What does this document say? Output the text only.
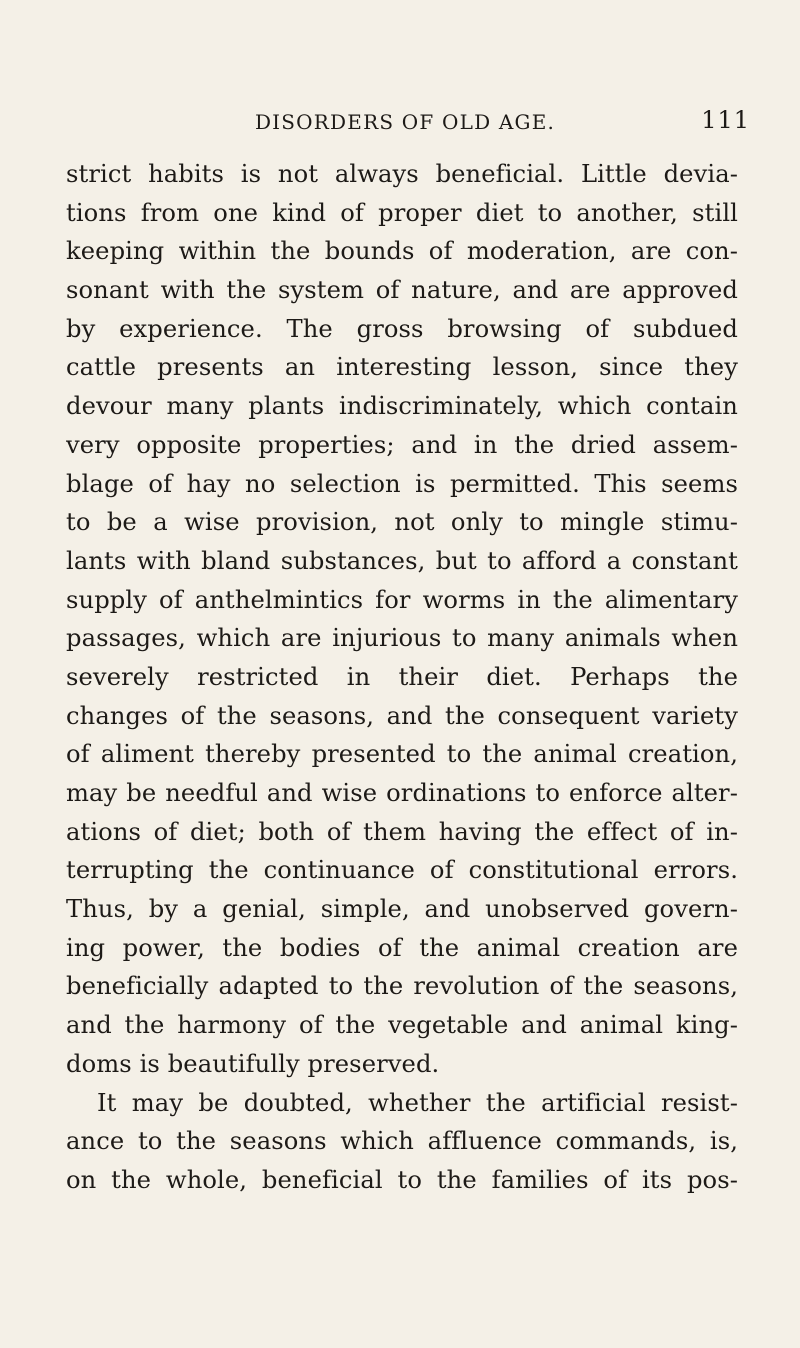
DISORDERS OF OLD AGE.	111
strict habits is not always beneficial. Little devia-
tions from one kind of proper diet to another, still
keeping within the bounds of moderation, are con-
sonant with the system of nature, and are approved
by experience. The gross browsing of subdued
cattle presents an interesting lesson, since they
devour many plants indiscriminately, which contain
very opposite properties; and in the dried assem-
blage of hay no selection is permitted. This seems
to be a wise provision, not only to mingle stimu-
lants with bland substances, but to afford a constant
supply of anthelmintics for worms in the alimentary
passages, which are injurious to many animals when
severely restricted in their diet. Perhaps the
changes of the seasons, and the consequent variety
of aliment thereby presented to the animal creation,
may be needful and wise ordinations to enforce alter-
ations of diet; both of them having the effect of in-
terrupting the continuance of constitutional errors.
Thus, by a genial, simple, and unobserved govern-
ing power, the bodies of the animal creation are
beneficially adapted to the revolution of the seasons,
and the harmony of the vegetable and animal king-
doms is beautifully preserved.
It may be doubted, whether the artificial resist-
ance to the seasons which affluence commands, is,
on the whole, beneficial to the families of its pos-
